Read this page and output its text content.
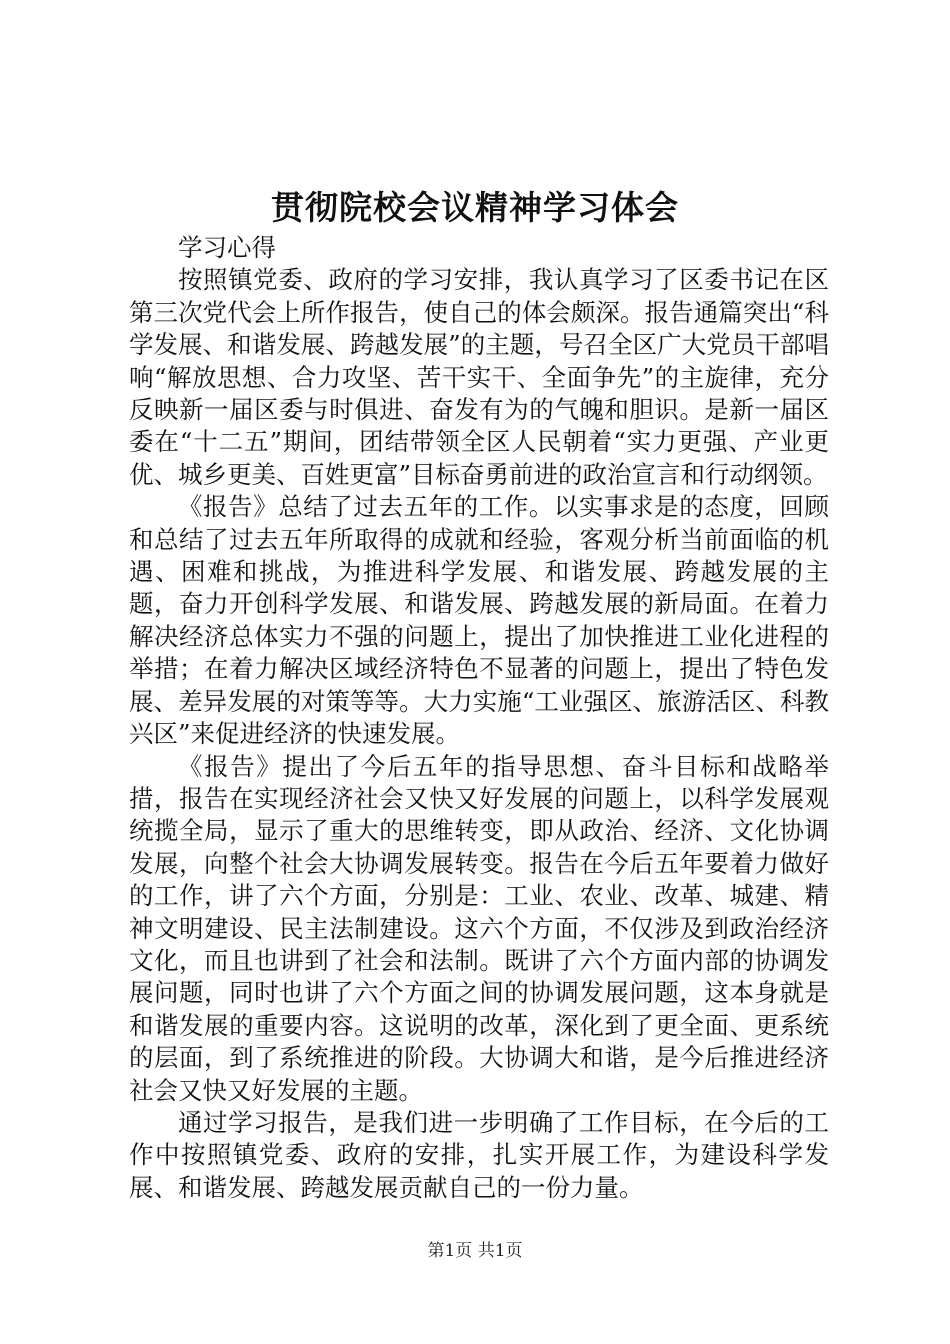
贯彻院校会议精神学习体会

学习心得

按照镇党委、政府的学习安排，我认真学习了区委书记在区第三次党代会上所作报告，使自己的体会颇深。报告通篇突出“科学发展、和谐发展、跨越发展”的主题，号召全区广大党员干部唱响“解放思想、合力攻坚、苦干实干、全面争先”的主旋律，充分反映新一届区委与时俱进、奋发有为的气魄和胆识。是新一届区委在“十二五”期间，团结带领全区人民朝着“实力更强、产业更优、城乡更美、百姓更富”目标奋勇前进的政治宣言和行动纲领。

《报告》总结了过去五年的工作。以实事求是的态度，回顾和总结了过去五年所取得的成就和经验，客观分析当前面临的机遇、困难和挑战，为推进科学发展、和谐发展、跨越发展的主题，奋力开创科学发展、和谐发展、跨越发展的新局面。在着力解决经济总体实力不强的问题上，提出了加快推进工业化进程的举措；在着力解决区域经济特色不显著的问题上，提出了特色发展、差异发展的对策等等。大力实施“工业强区、旅游活区、科教兴区”来促进经济的快速发展。

《报告》提出了今后五年的指导思想、奋斗目标和战略举措，报告在实现经济社会又快又好发展的问题上，以科学发展观统揽全局，显示了重大的思维转变，即从政治、经济、文化协调发展，向整个社会大协调发展转变。报告在今后五年要着力做好的工作，讲了六个方面，分别是：工业、农业、改革、城建、精神文明建设、民主法制建设。这六个方面，不仅涉及到政治经济文化，而且也讲到了社会和法制。既讲了六个方面内部的协调发展问题，同时也讲了六个方面之间的协调发展问题，这本身就是和谐发展的重要内容。这说明的改革，深化到了更全面、更系统的层面，到了系统推进的阶段。大协调大和谐，是今后推进经济社会又快又好发展的主题。

通过学习报告，是我们进一步明确了工作目标，在今后的工作中按照镇党委、政府的安排，扎实开展工作，为建设科学发展、和谐发展、跨越发展贡献自己的一份力量。

第1页 共1页
